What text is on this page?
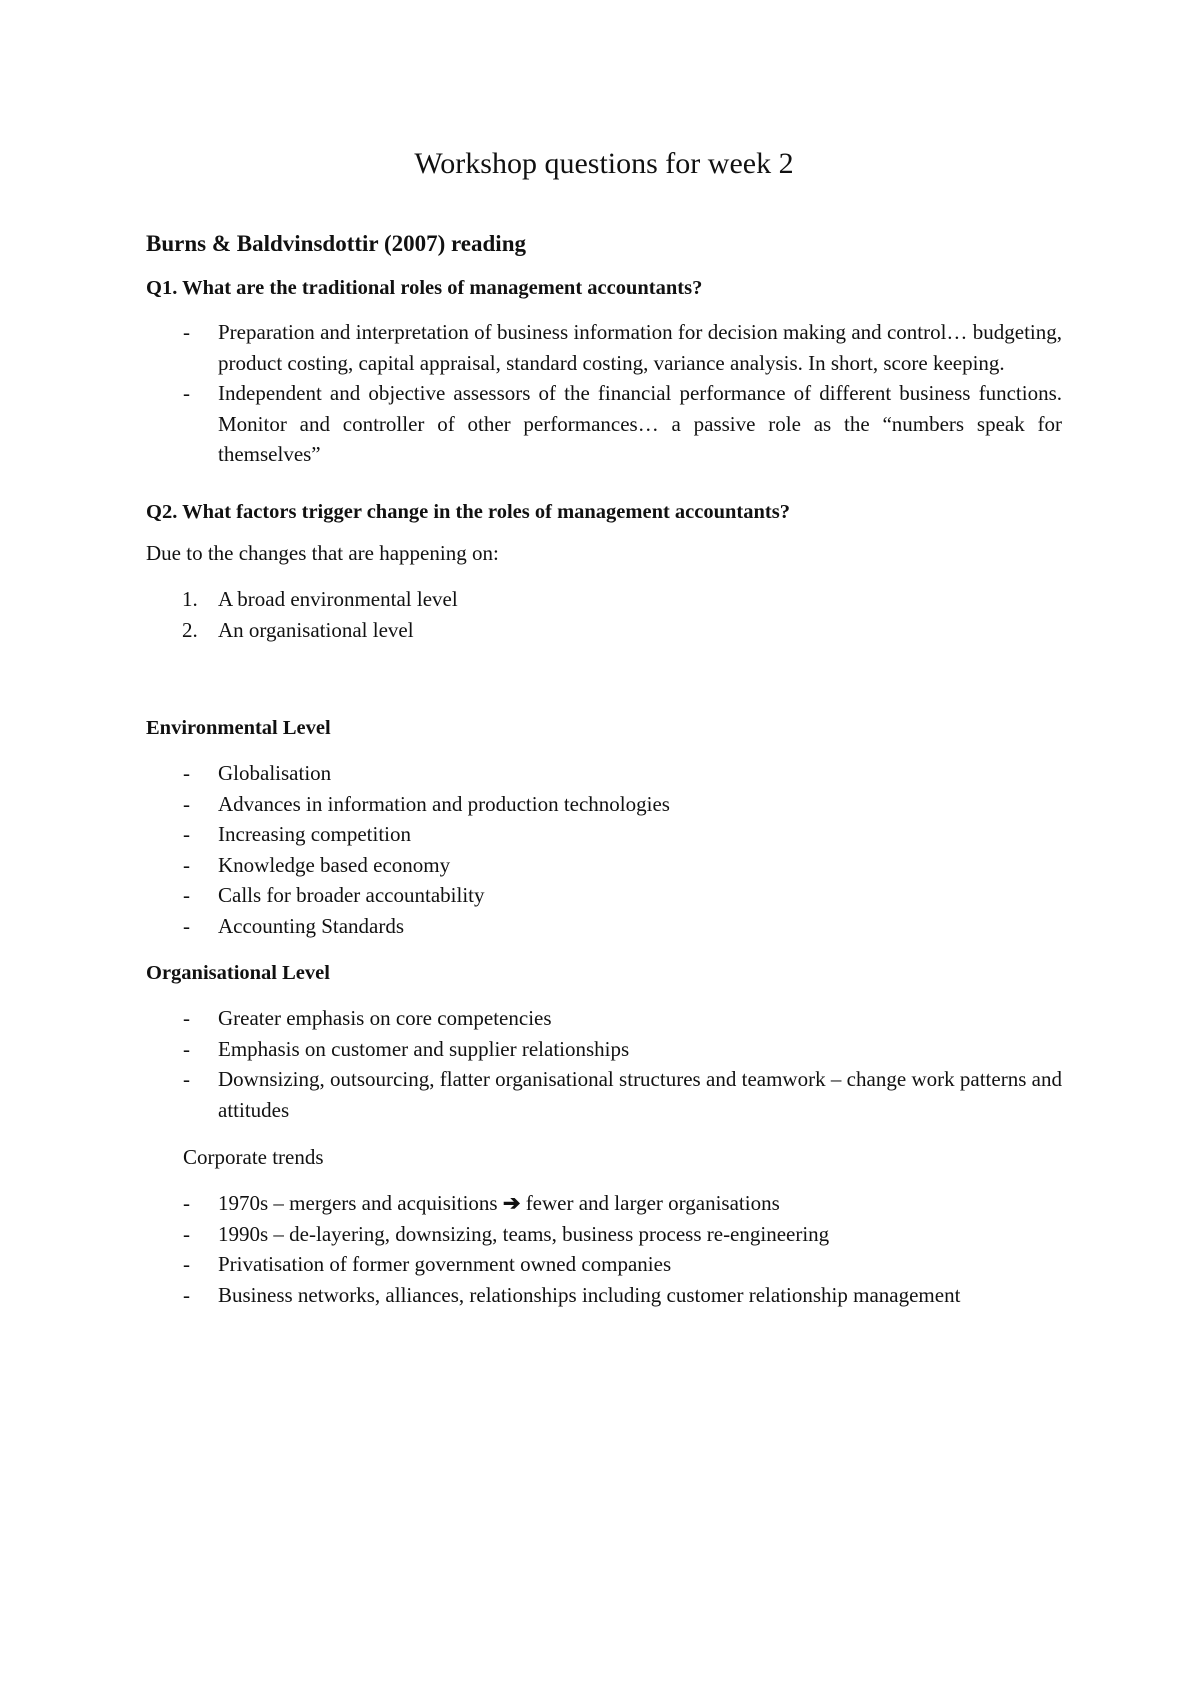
Workshop questions for week 2
Burns & Baldvinsdottir (2007) reading
Q1. What are the traditional roles of management accountants?
- Preparation and interpretation of business information for decision making and control… budgeting, product costing, capital appraisal, standard costing, variance analysis. In short, score keeping.
- Independent and objective assessors of the financial performance of different business functions. Monitor and controller of other performances… a passive role as the “numbers speak for themselves”
Q2. What factors trigger change in the roles of management accountants?
Due to the changes that are happening on:
1. A broad environmental level
2. An organisational level
Environmental Level
- Globalisation
- Advances in information and production technologies
- Increasing competition
- Knowledge based economy
- Calls for broader accountability
- Accounting Standards
Organisational Level
- Greater emphasis on core competencies
- Emphasis on customer and supplier relationships
- Downsizing, outsourcing, flatter organisational structures and teamwork – change work patterns and attitudes
Corporate trends
- 1970s – mergers and acquisitions ➔ fewer and larger organisations
- 1990s – de-layering, downsizing, teams, business process re-engineering
- Privatisation of former government owned companies
- Business networks, alliances, relationships including customer relationship management
